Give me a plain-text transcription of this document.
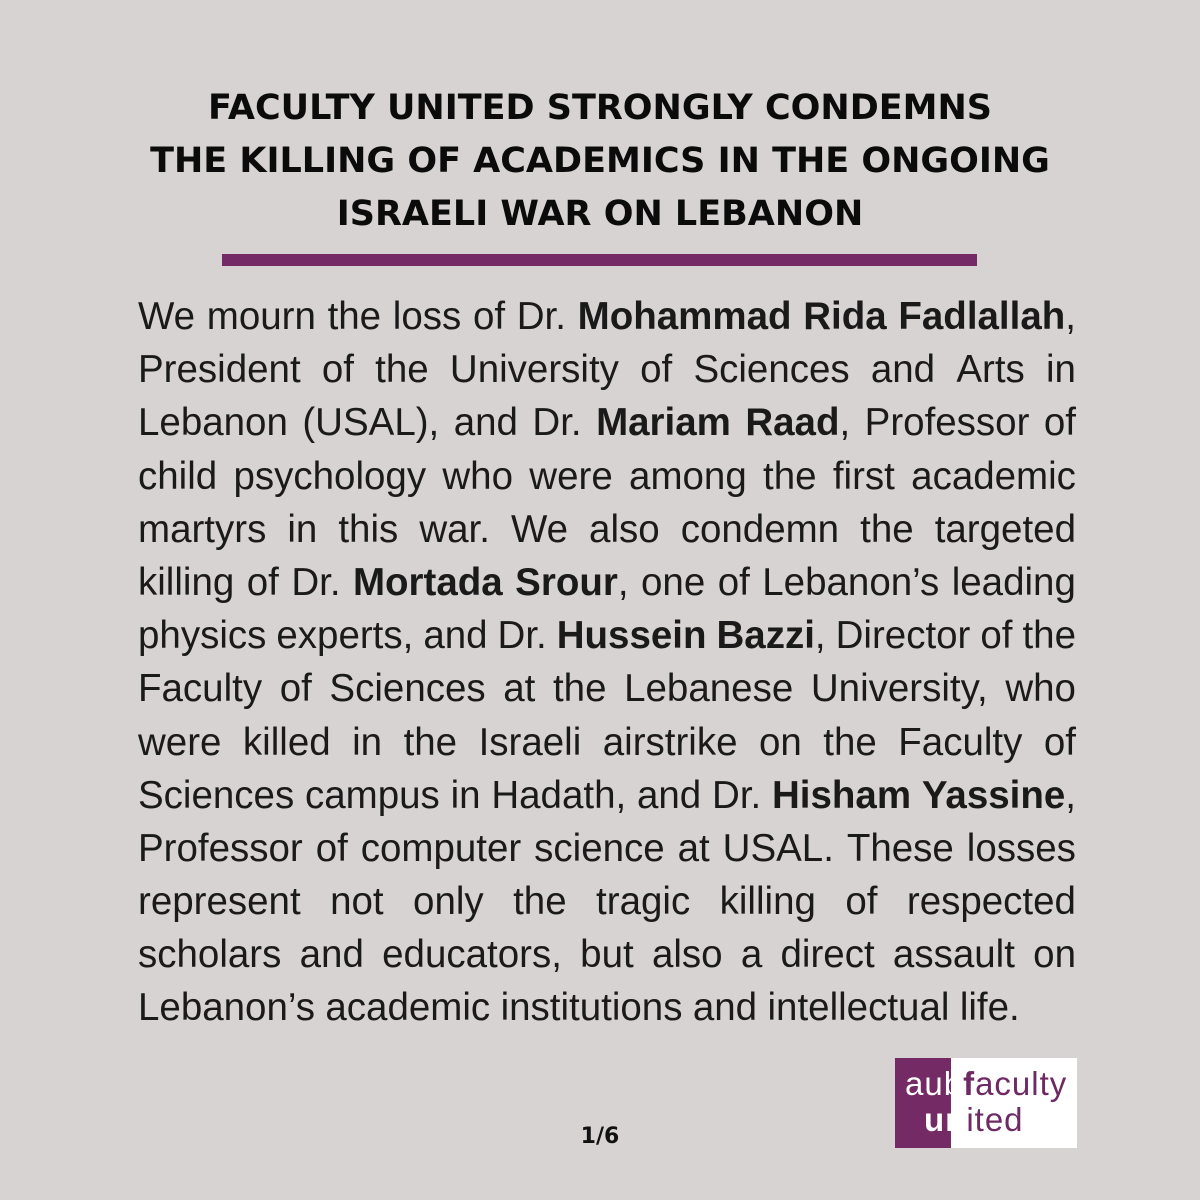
FACULTY UNITED STRONGLY CONDEMNS
THE KILLING OF ACADEMICS IN THE ONGOING
ISRAELI WAR ON LEBANON
We mourn the loss of Dr. Mohammad Rida Fadlallah,
President of the University of Sciences and Arts in
Lebanon (USAL), and Dr. Mariam Raad, Professor of
child psychology who were among the first academic
martyrs in this war. We also condemn the targeted
killing of Dr. Mortada Srour, one of Lebanon’s leading
physics experts, and Dr. Hussein Bazzi, Director of the
Faculty of Sciences at the Lebanese University, who
were killed in the Israeli airstrike on the Faculty of
Sciences campus in Hadath, and Dr. Hisham Yassine,
Professor of computer science at USAL. These losses
represent not only the tragic killing of respected
scholars and educators, but also a direct assault on
Lebanon’s academic institutions and intellectual life.
aubfaculty
united
1/6
